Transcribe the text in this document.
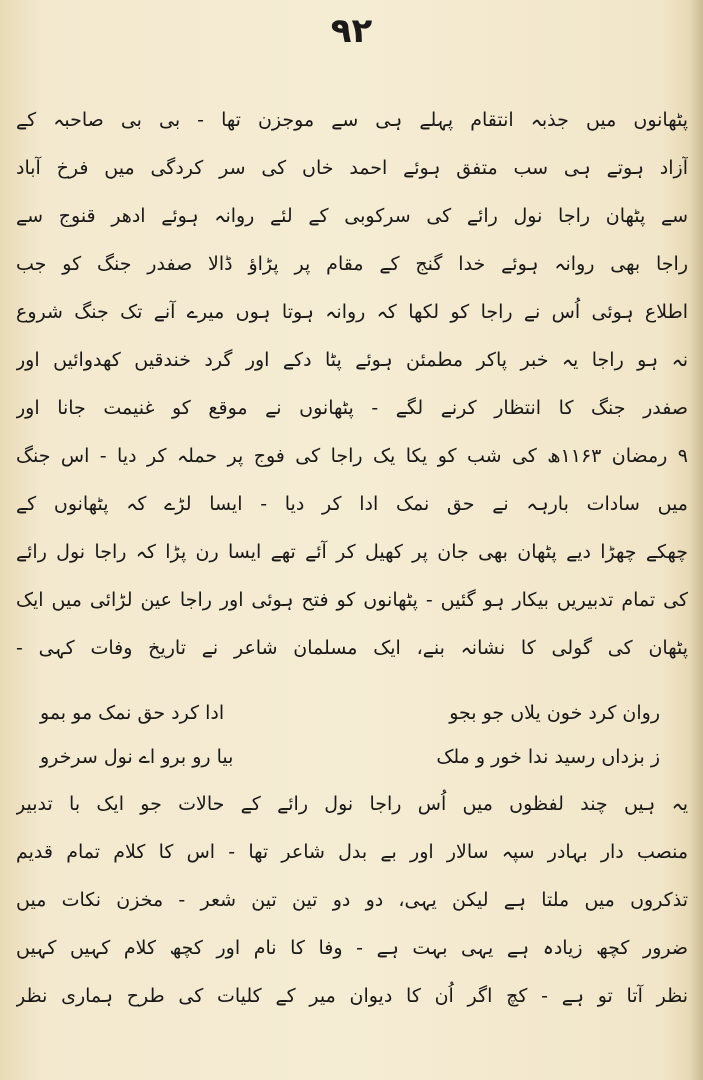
۹۲
پٹھانوں میں جذبہ انتقام پہلے ہی سے موجزن تھا - بی بی صاحبہ کے
آزاد ہوتے ہی سب متفق ہوئے احمد خاں کی سر کردگی میں فرخ آباد
سے پٹھان راجا نول رائے کی سرکوبی کے لئے روانہ ہوئے ادھر قنوج سے
راجا بھی روانہ ہوئے خدا گنج کے مقام پر پڑاؤ ڈالا صفدر جنگ کو جب
اطلاع ہوئی اُس نے راجا کو لکھا کہ روانہ ہوتا ہوں میرے آنے تک جنگ شروع
نہ ہو راجا یہ خبر پاکر مطمئن ہوئے پٹا دکے اور گرد خندقیں کھدوائیں اور
صفدر جنگ کا انتظار کرنے لگے - پٹھانوں نے موقع کو غنیمت جانا اور
۹ رمضان ۱۱۶۳ھ کی شب کو یکا یک راجا کی فوج پر حملہ کر دیا - اس جنگ
میں سادات بارہہ نے حق نمک ادا کر دیا - ایسا لڑے کہ پٹھانوں کے
چھکے چھڑا دیے پٹھان بھی جان پر کھیل کر آئے تھے ایسا رن پڑا کہ راجا نول رائے
کی تمام تدبیریں بیکار ہو گئیں - پٹھانوں کو فتح ہوئی اور راجا عین لڑائی میں ایک
پٹھان کی گولی کا نشانہ بنے، ایک مسلمان شاعر نے تاریخ وفات کہی -
روان کرد خون یلاں جو بجو
ادا کرد حق نمک مو بمو
ز بزداں رسید ندا خور و ملک
بیا رو برو اے نول سرخرو
یہ ہیں چند لفظوں میں اُس راجا نول رائے کے حالات جو ایک با تدبیر
منصب دار بہادر سپہ سالار اور بے بدل شاعر تھا - اس کا کلام تمام قدیم
تذکروں میں ملتا ہے لیکن یہی، دو دو تین تین شعر - مخزن نکات میں
ضرور کچھ زیادہ ہے یہی بہت ہے - وفا کا نام اور کچھ کلام کہیں کہیں
نظر آتا تو ہے - کچ اگر اُن کا دیوان میر کے کلیات کی طرح ہماری نظر
